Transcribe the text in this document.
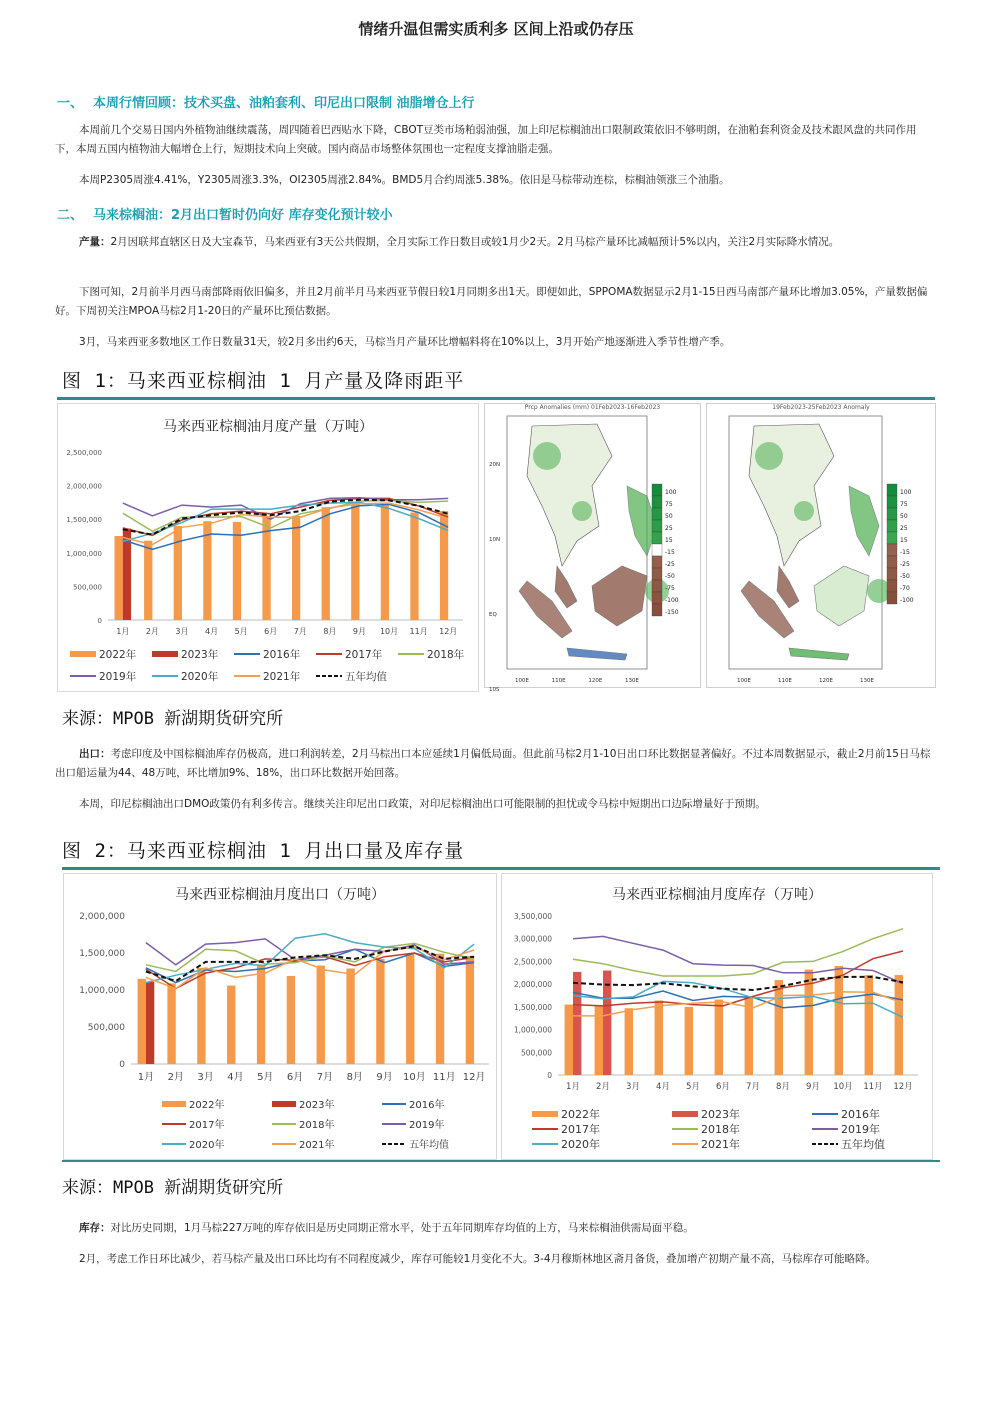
情绪升温但需实质利多 区间上沿或仍存压
一、 本周行情回顾：技术买盘、油粕套利、印尼出口限制 油脂增仓上行
本周前几个交易日国内外植物油继续震荡，周四随着巴西贴水下降，CBOT豆类市场粕弱油强，加上印尼棕榈油出口限制政策依旧不够明朗，在油粕套利资金及技术跟风盘的共同作用下，本周五国内植物油大幅增仓上行，短期技术向上突破。国内商品市场整体氛围也一定程度支撑油脂走强。
本周P2305周涨4.41%，Y2305周涨3.3%，OI2305周涨2.84%。BMD5月合约周涨5.38%。依旧是马棕带动连棕，棕榈油领涨三个油脂。
二、 马来棕榈油：2月出口暂时仍向好 库存变化预计较小
产量：2月因联邦直辖区日及大宝森节，马来西亚有3天公共假期，全月实际工作日数目或较1月少2天。2月马棕产量环比减幅预计5%以内，关注2月实际降水情况。
下图可知，2月前半月西马南部降雨依旧偏多，并且2月前半月马来西亚节假日较1月同期多出1天。即便如此，SPPOMA数据显示2月1-15日西马南部产量环比增加3.05%，产量数据偏好。下周初关注MPOA马棕2月1-20日的产量环比预估数据。
3月，马来西亚多数地区工作日数量31天，较2月多出约6天，马棕当月产量环比增幅料将在10%以上，3月开始产地逐渐进入季节性增产季。
图 1：马来西亚棕榈油 1 月产量及降雨距平
马来西亚棕榈油月度产量（万吨）
0
500,000
1,000,000
1,500,000
2,000,000
2,500,000
1月 2月 3月 4月 5月 6月 7月 8月 9月 10月 11月 12月
2022年	2023年	2016年	2017年	2018年
2019年	2020年	2021年	五年均值
Prcp Anomalies (mm) 01Feb2023-16Feb2023
100
75
50
25
15
-15
-25
-50
-75
-100
-150
20N
10N
EQ
10S
100E	110E	120E	130E
19Feb2023-25Feb2023 Anomaly
100
75
50
25
15
-15
-25
-50
-70
-100
100E	110E	120E	130E
来源：MPOB 新湖期货研究所
出口：考虑印度及中国棕榈油库存仍极高，进口利润转差，2月马棕出口本应延续1月偏低局面。但此前马棕2月1-10日出口环比数据显著偏好。不过本周数据显示，截止2月前15日马棕出口船运量为44、48万吨，环比增加9%、18%，出口环比数据开始回落。
本周，印尼棕榈油出口DMO政策仍有利多传言。继续关注印尼出口政策，对印尼棕榈油出口可能限制的担忧或令马棕中短期出口边际增量好于预期。
图 2：马来西亚棕榈油 1 月出口量及库存量
马来西亚棕榈油月度出口（万吨）
0
500,000
1,000,000
1,500,000
2,000,000
1月 2月 3月 4月 5月 6月 7月 8月 9月 10月 11月 12月
2022年	2023年	2016年
2017年	2018年	2019年
2020年	2021年	五年均值
马来西亚棕榈油月度库存（万吨）
0
500,000
1,000,000
1,500,000
2,000,000
2,500,000
3,000,000
3,500,000
1月 2月 3月 4月 5月 6月 7月 8月 9月 10月 11月 12月
2022年	2023年	2016年
2017年	2018年	2019年
2020年	2021年	五年均值
来源：MPOB 新湖期货研究所
库存：对比历史同期，1月马棕227万吨的库存依旧是历史同期正常水平，处于五年同期库存均值的上方，马来棕榈油供需局面平稳。
2月，考虑工作日环比减少，若马棕产量及出口环比均有不同程度减少，库存可能较1月变化不大。3-4月穆斯林地区斋月备货，叠加增产初期产量不高，马棕库存可能略降。
